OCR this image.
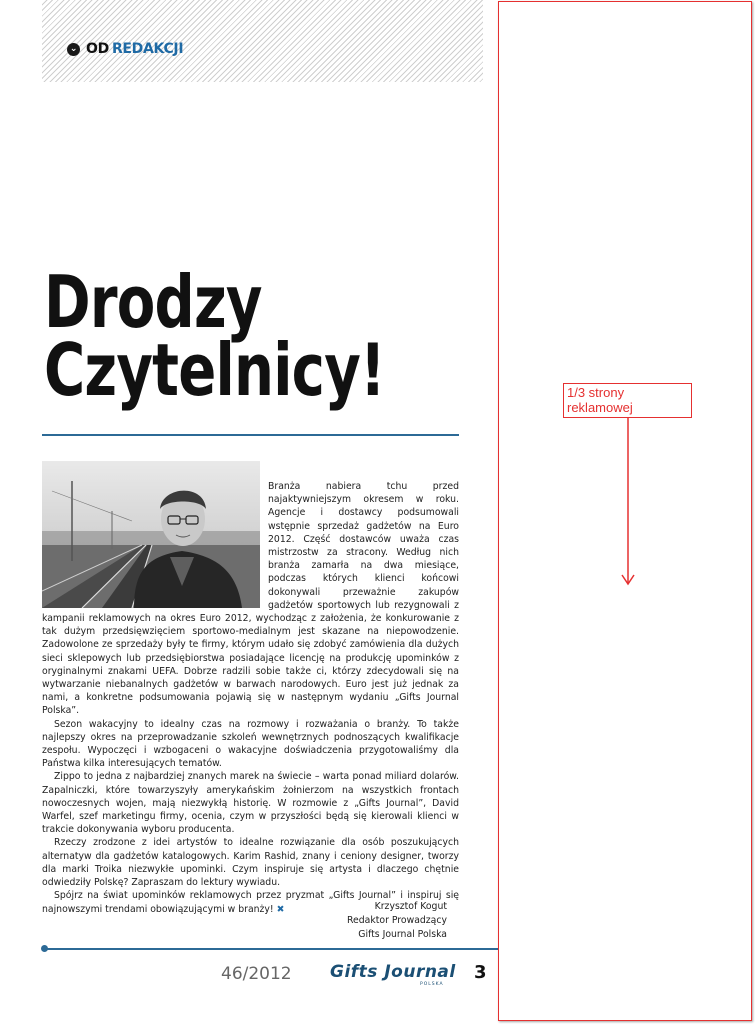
⌄ OD REDAKCJI
Drodzy
Czytelnicy!

Branża nabiera tchu przed najaktywniejszym okresem w roku. Agencje i dostawcy podsumowali wstępnie sprzedaż gadżetów na Euro 2012. Część dostawców uważa czas mistrzostw za stracony. Według nich branża zamarła na dwa miesiące, podczas których klienci końcowi dokonywali przeważnie zakupów gadżetów sportowych lub rezygnowali z kampanii reklamowych na okres Euro 2012, wychodząc z założenia, że konkurowanie z tak dużym przedsięwzięciem sportowo-medialnym jest skazane na niepowodzenie. Zadowolone ze sprzedaży były te firmy, którym udało się zdobyć zamówienia dla dużych sieci sklepowych lub przedsiębiorstwa posiadające licencję na produkcję upominków z oryginalnymi znakami UEFA. Dobrze radzili sobie także ci, którzy zdecydowali się na wytwarzanie niebanalnych gadżetów w barwach narodowych. Euro jest już jednak za nami, a konkretne podsumowania pojawią się w następnym wydaniu „Gifts Journal Polska”.

Sezon wakacyjny to idealny czas na rozmowy i rozważania o branży. To także najlepszy okres na przeprowadzanie szkoleń wewnętrznych podnoszących kwalifikacje zespołu. Wypoczęci i wzbogaceni o wakacyjne doświadczenia przygotowaliśmy dla Państwa kilka interesujących tematów.

Zippo to jedna z najbardziej znanych marek na świecie – warta ponad miliard dolarów. Zapalniczki, które towarzyszyły amerykańskim żołnierzom na wszystkich frontach nowoczesnych wojen, mają niezwykłą historię. W rozmowie z „Gifts Journal”, David Warfel, szef marketingu firmy, ocenia, czym w przyszłości będą się kierowali klienci w trakcie dokonywania wyboru producenta.

Rzeczy zrodzone z idei artystów to idealne rozwiązanie dla osób poszukujących alternatyw dla gadżetów katalogowych. Karim Rashid, znany i ceniony designer, tworzy dla marki Troika niezwykłe upominki. Czym inspiruje się artysta i dlaczego chętnie odwiedziły Polskę? Zapraszam do lektury wywiadu.

Spójrz na świat upominków reklamowych przez pryzmat „Gifts Journal” i inspiruj się najnowszymi trendami obowiązującymi w branży! ✖	Krzysztof Kogut
Redaktor Prowadzący
Gifts Journal Polska
46/2012 Gifts Journal
POLSKA
3
1/3 strony reklamowej
